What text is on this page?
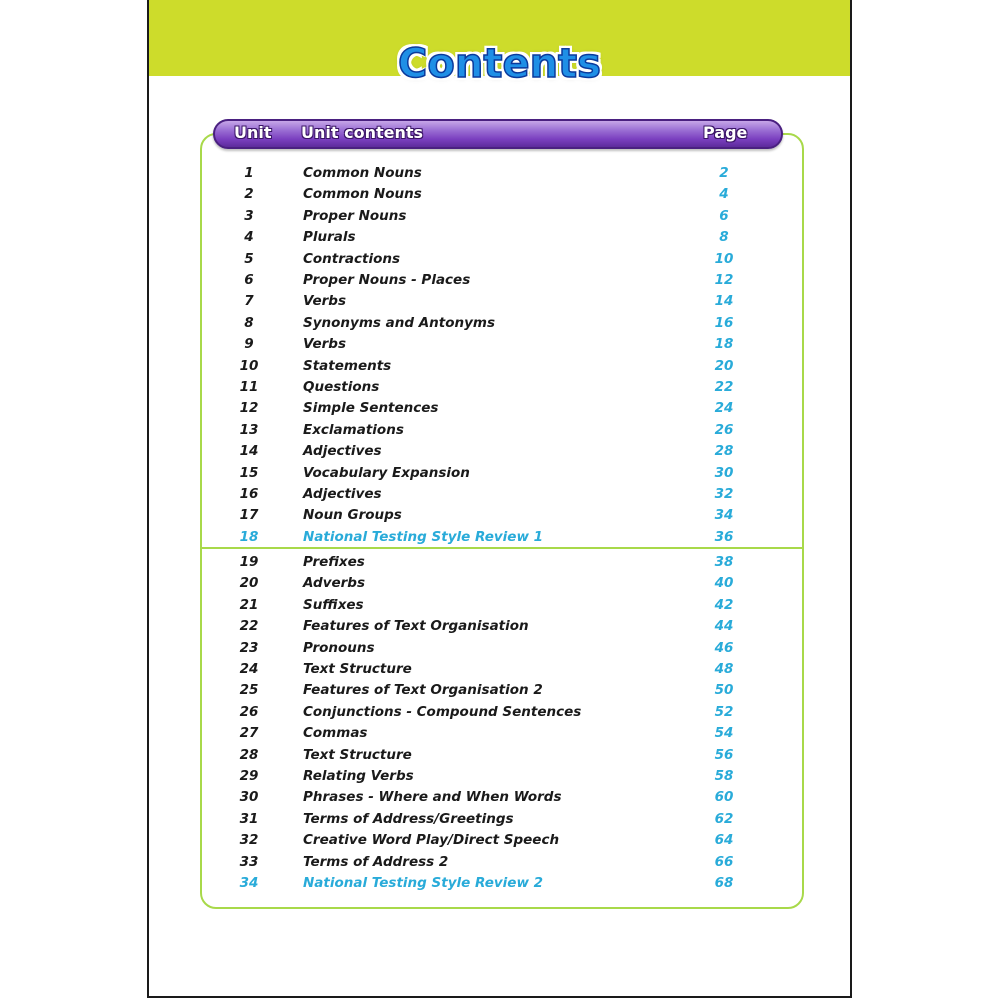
Contents
Unit Unit contents	Page
1	Common Nouns	2
2	Common Nouns	4
3	Proper Nouns	6
4	Plurals	8
5	Contractions	10
6	Proper Nouns - Places	12
7	Verbs	14
8	Synonyms and Antonyms	16
9	Verbs	18
10	Statements	20
11	Questions	22
12	Simple Sentences	24
13	Exclamations	26
14	Adjectives	28
15	Vocabulary Expansion	30
16	Adjectives	32
17	Noun Groups	34
18	National Testing Style Review 1	36
19	Prefixes	38
20	Adverbs	40
21	Suffixes	42
22	Features of Text Organisation	44
23	Pronouns	46
24	Text Structure	48
25	Features of Text Organisation 2	50
26	Conjunctions - Compound Sentences	52
27	Commas	54
28	Text Structure	56
29	Relating Verbs	58
30	Phrases - Where and When Words	60
31	Terms of Address/Greetings	62
32	Creative Word Play/Direct Speech	64
33	Terms of Address 2	66
34	National Testing Style Review 2	68
